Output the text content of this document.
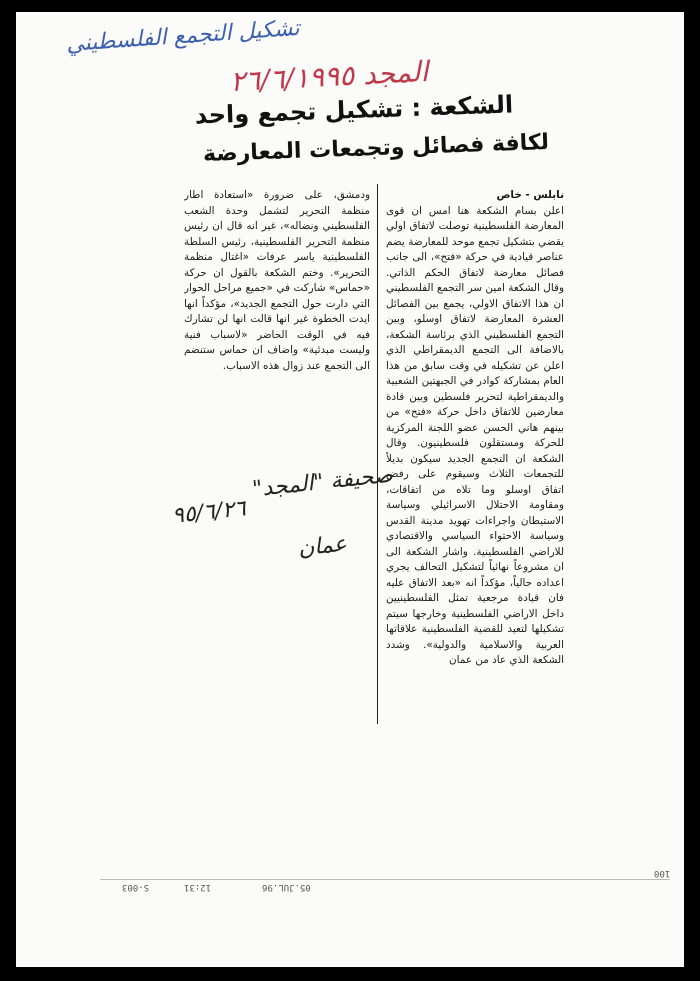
تشكيل التجمع الفلسطيني
المجد ٢٦/٦/١٩٩٥
الشكعة : تشكيل تجمع واحد
لكافة فصائل وتجمعات المعارضة

نابلس - خاص

اعلن بسام الشكعة هنا امس ان قوى المعارضة الفلسطينية توصلت لاتفاق اولي يقضي بتشكيل تجمع موحد للمعارضة يضم عناصر قيادية في حركة «فتح»، الى جانب فصائل معارضة لاتفاق الحكم الذاتي. وقال الشكعة امين سر التجمع الفلسطيني ان هذا الاتفاق الاولي، يجمع بين الفصائل العشرة المعارضة لاتفاق اوسلو، وبين التجمع الفلسطيني الذي برئاسة الشكعة، بالاضافة الى التجمع الديمقراطي الذي اعلن عن تشكيله في وقت سابق من هذا العام بمشاركة كوادر في الجبهتين الشعبية والديمقراطية لتحرير فلسطين وبين قادة معارضين للاتفاق داخل حركة «فتح» من بينهم هاني الحسن عضو اللجنة المركزية للحركة ومستقلون فلسطينيون. وقال الشكعة ان التجمع الجديد سيكون بديلاً للتجمعات الثلاث وسيقوم على رفض اتفاق اوسلو وما تلاه من اتفاقات، ومقاومة الاحتلال الاسرائيلي وسياسة الاستيطان واجراءات تهويد مدينة القدس وسياسة الاحتواء السياسي والاقتصادي للاراضي الفلسطينية. واشار الشكعة الى ان مشروعاً نهائياً لتشكيل التحالف يجري اعداده حالياً، مؤكداً انه «بعد الاتفاق عليه فان قيادة مرجعية تمثل الفلسطينيين داخل الاراضي الفلسطينية وخارجها سيتم تشكيلها لتعيد للقضية الفلسطينية علاقاتها العربية والاسلامية والدولية». وشدد الشكعة الذي عاد من عمان

ودمشق، على ضرورة «استعادة اطار منظمة التحرير لتشمل وحدة الشعب الفلسطيني ونضاله»، غير انه قال ان رئيس منظمة التحرير الفلسطينية، رئيس السلطة الفلسطينية ياسر عرفات «اغتال منظمة التحرير». وختم الشكعة بالقول ان حركة «حماس» شاركت في «جميع مراحل الحوار التي دارت حول التجمع الجديد»، مؤكداً انها ايدت الخطوة غير انها قالت انها لن تشارك فيه في الوقت الحاضر «لاسباب فنية وليست مبدئية» واضاف ان حماس ستنضم الى التجمع عند زوال هذه الاسباب.

صحيفة "المجد"
٩٥/٦/٢٦
عمان
05.JUL.96
12:31
S-003
100
